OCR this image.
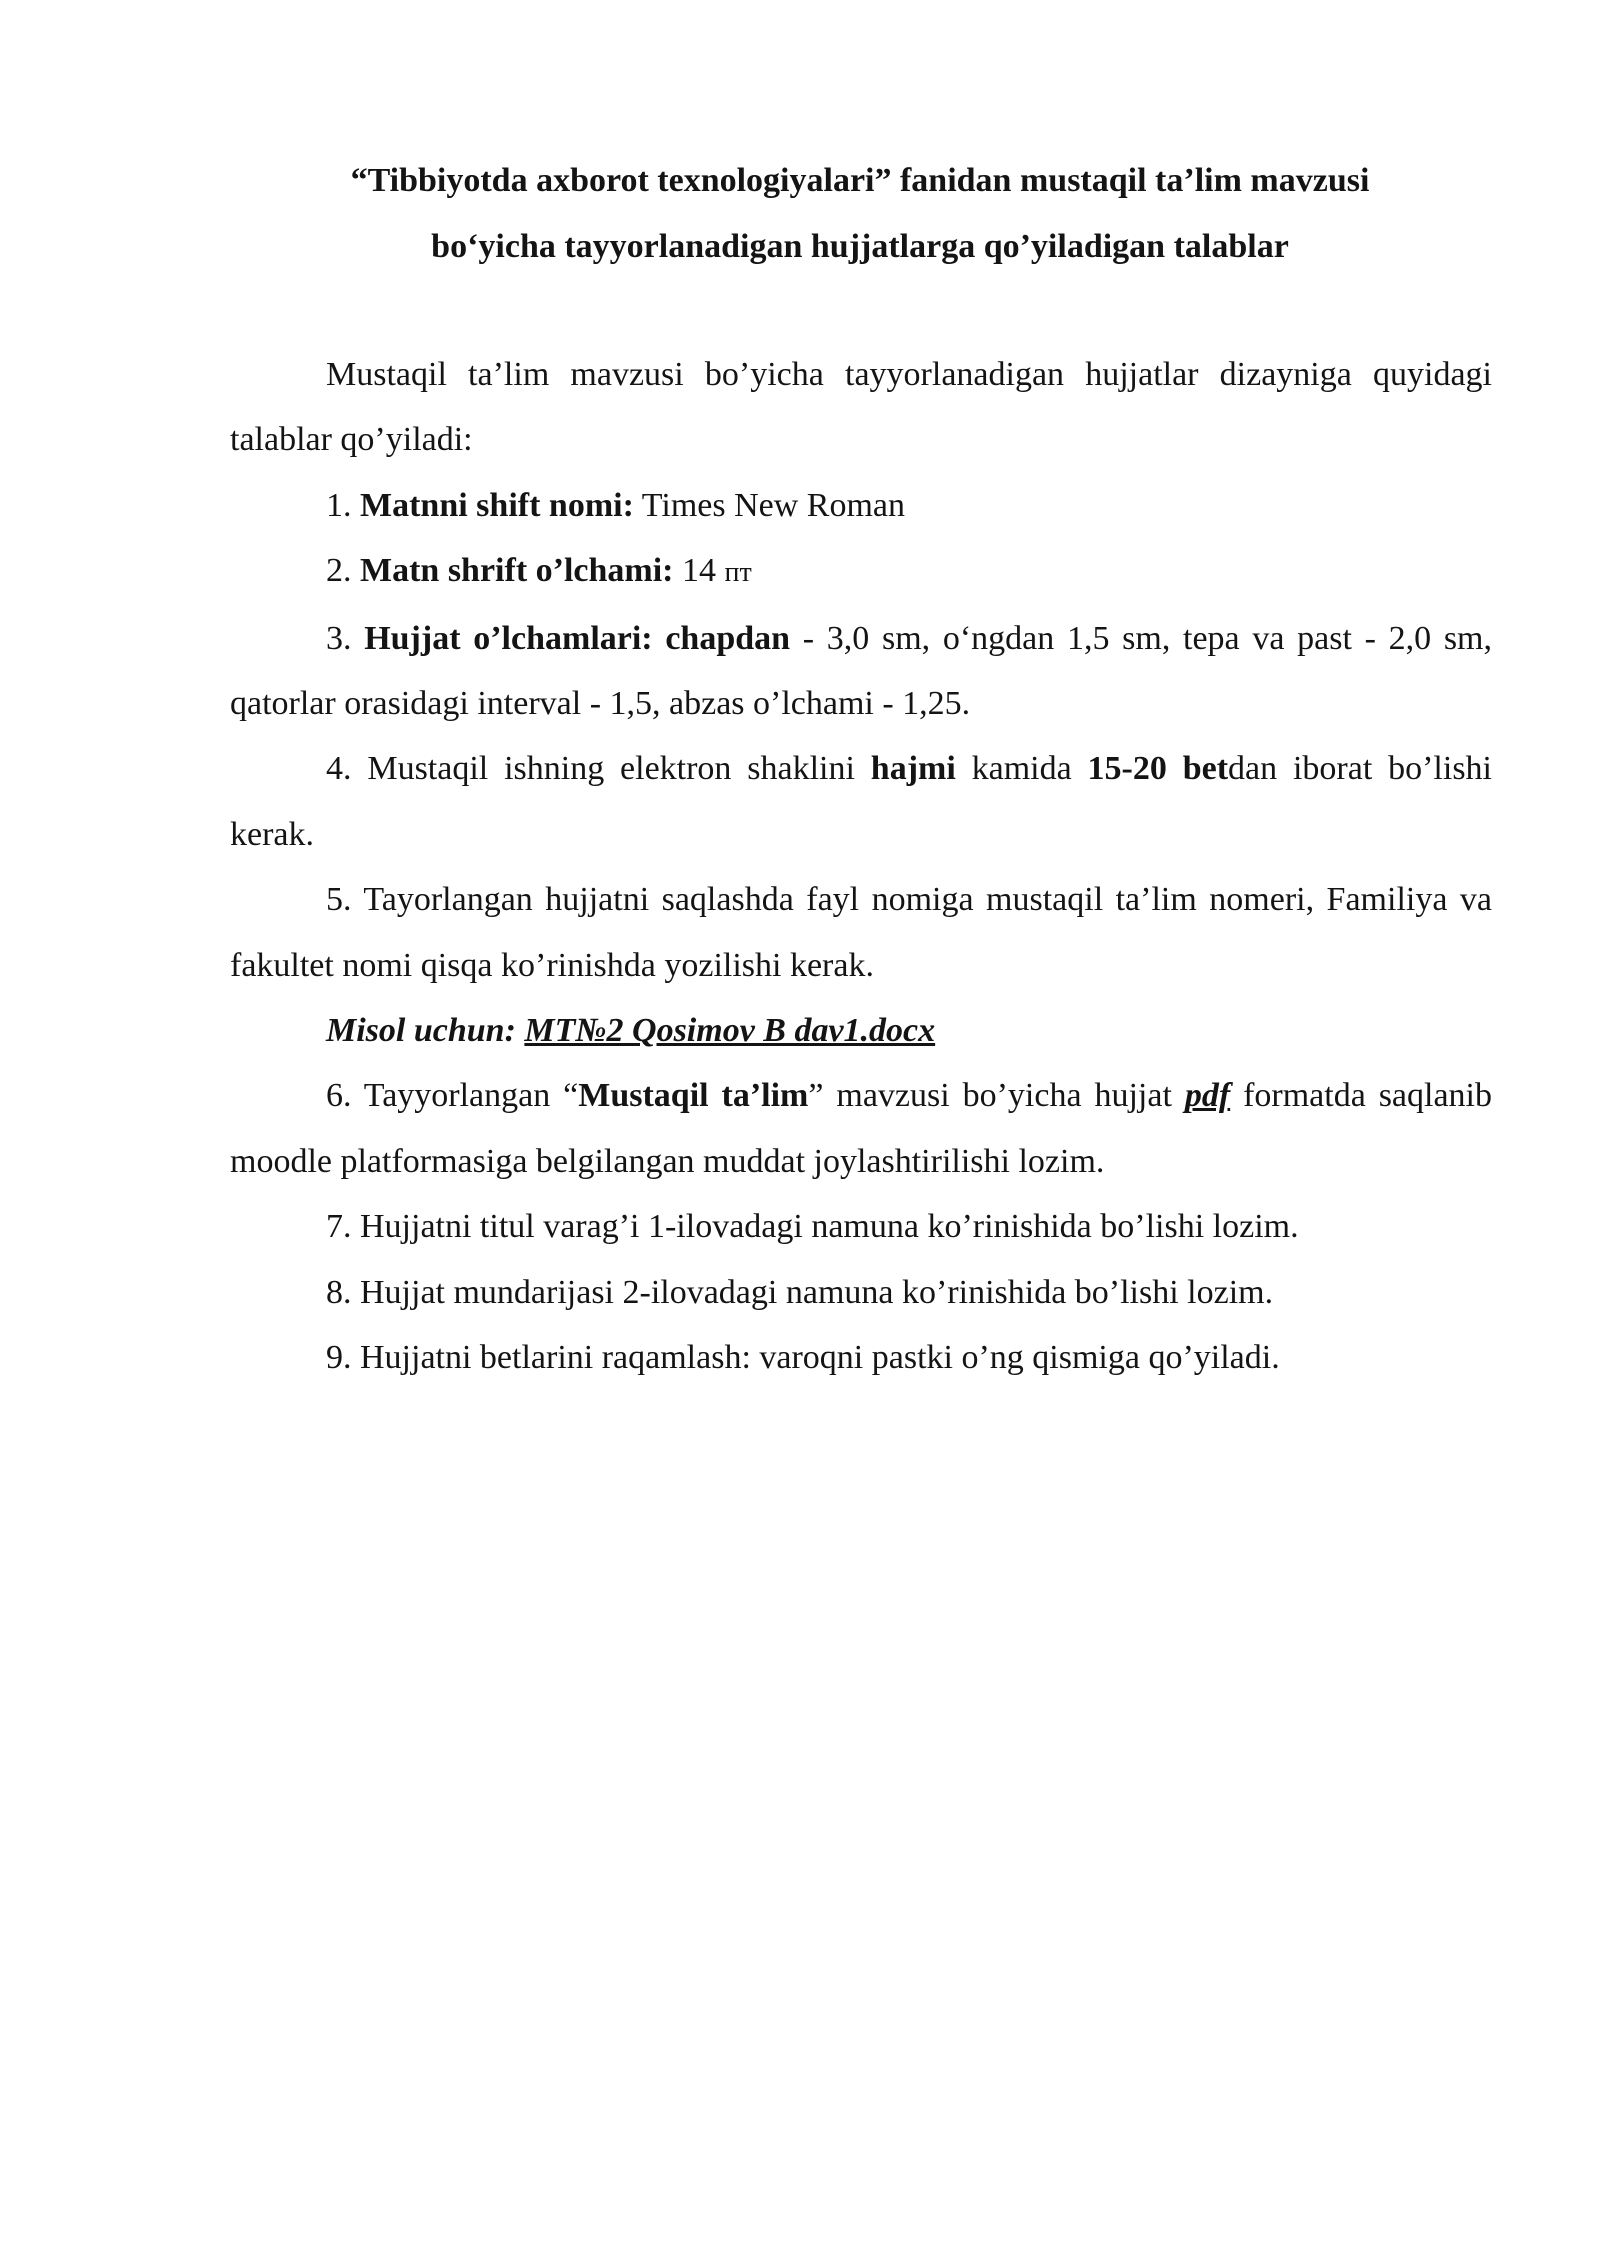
“Tibbiyotda axborot texnologiyalari” fanidan mustaqil ta’lim mavzusi
bo‘yicha tayyorlanadigan hujjatlarga qo’yiladigan talablar

Mustaqil ta’lim mavzusi bo’yicha tayyorlanadigan hujjatlar dizayniga quyidagi talablar qo’yiladi:

1. Matnni shift nomi: Times New Roman

2. Matn shrift o’lchami: 14 пт

3. Hujjat o’lchamlari: chapdan - 3,0 sm, o‘ngdan 1,5 sm, tepa va past - 2,0 sm, qatorlar orasidagi interval - 1,5, abzas o’lchami - 1,25.

4. Mustaqil ishning elektron shaklini hajmi kamida 15-20 betdan iborat bo’lishi kerak.

5. Tayorlangan hujjatni saqlashda fayl nomiga mustaqil ta’lim nomeri, Familiya va fakultet nomi qisqa ko’rinishda yozilishi kerak.

Misol uchun: MT№2 Qosimov B dav1.docx

6. Tayyorlangan “Mustaqil ta’lim” mavzusi bo’yicha hujjat pdf formatda saqlanib moodle platformasiga belgilangan muddat joylashtirilishi lozim.

7. Hujjatni titul varag’i 1-ilovadagi namuna ko’rinishida bo’lishi lozim.

8. Hujjat mundarijasi 2-ilovadagi namuna ko’rinishida bo’lishi lozim.

9. Hujjatni betlarini raqamlash: varoqni pastki o’ng qismiga qo’yiladi.
